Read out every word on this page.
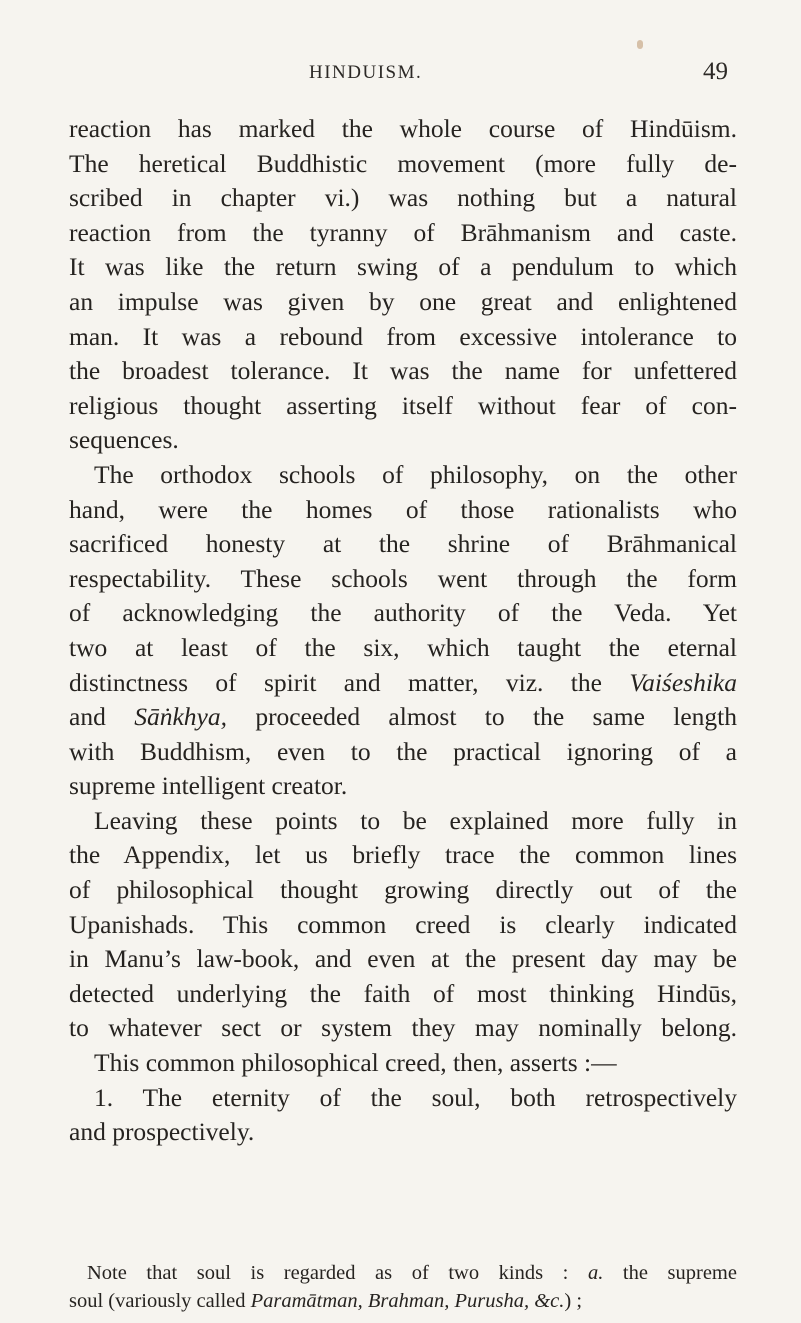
HINDUISM.	49
reaction has marked the whole course of Hindūism.
The heretical Buddhistic movement (more fully de-
scribed in chapter vi.) was nothing but a natural
reaction from the tyranny of Brāhmanism and caste.
It was like the return swing of a pendulum to which
an impulse was given by one great and enlightened
man. It was a rebound from excessive intolerance to
the broadest tolerance. It was the name for unfettered
religious thought asserting itself without fear of con-
sequences.
The orthodox schools of philosophy, on the other
hand, were the homes of those rationalists who
sacrificed honesty at the shrine of Brāhmanical
respectability. These schools went through the form
of acknowledging the authority of the Veda. Yet
two at least of the six, which taught the eternal
distinctness of spirit and matter, viz. the Vaiśeshika
and Sāṅkhya, proceeded almost to the same length
with Buddhism, even to the practical ignoring of a
supreme intelligent creator.
Leaving these points to be explained more fully in
the Appendix, let us briefly trace the common lines
of philosophical thought growing directly out of the
Upanishads. This common creed is clearly indicated
in Manu’s law-book, and even at the present day may be
detected underlying the faith of most thinking Hindūs,
to whatever sect or system they may nominally belong.
This common philosophical creed, then, asserts :—
1. The eternity of the soul, both retrospectively
and prospectively.
Note that soul is regarded as of two kinds : a. the supreme
soul (variously called Paramātman, Brahman, Purusha, &c.) ;
